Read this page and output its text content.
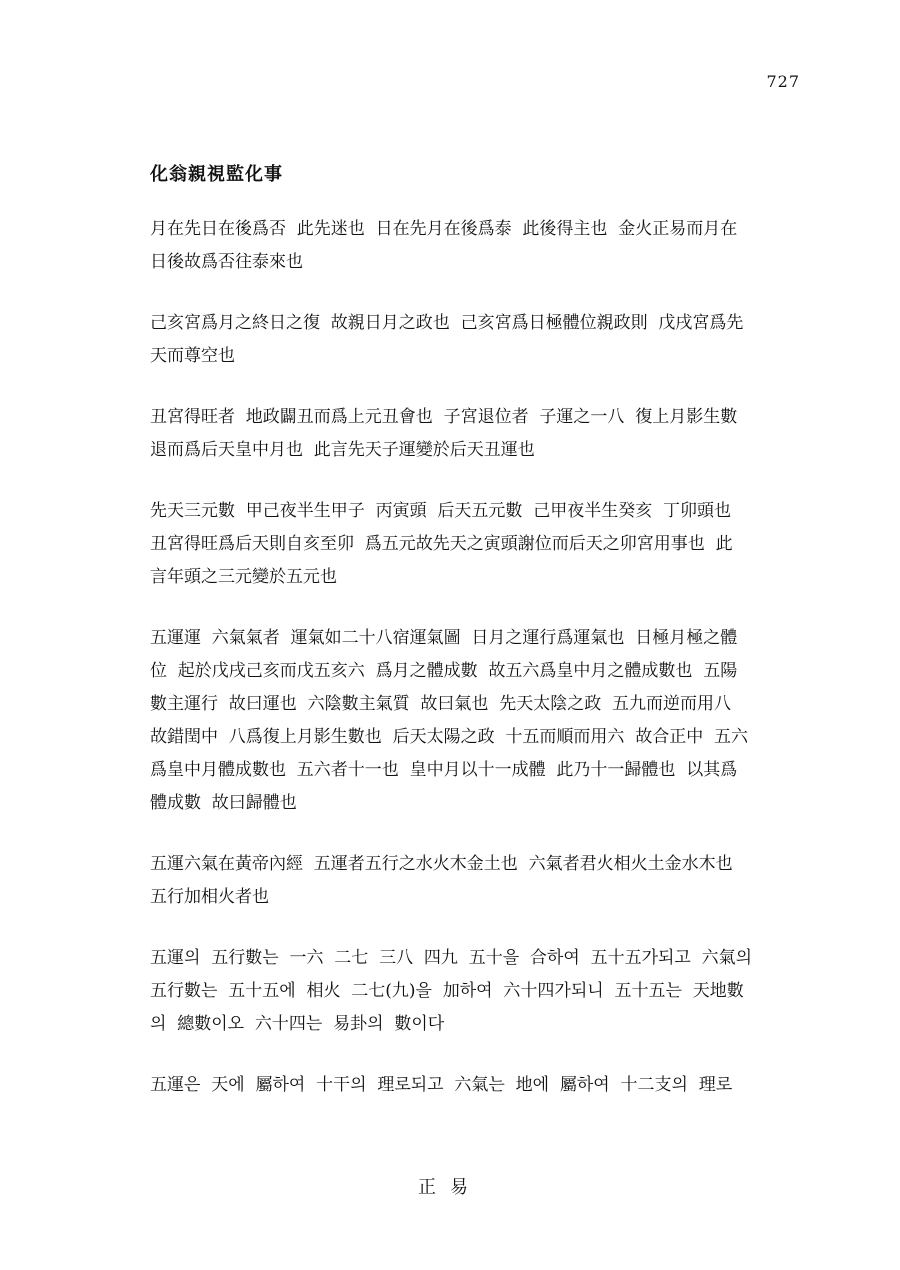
727
化翁親視監化事

月在先日在後爲否  此先迷也  日在先月在後爲泰  此後得主也  金火正易而月在
日後故爲否往泰來也

己亥宮爲月之終日之復  故親日月之政也  己亥宮爲日極體位親政則  戊戌宮爲先
天而尊空也

丑宮得旺者  地政闢丑而爲上元丑會也  子宮退位者  子運之一八  復上月影生數
退而爲后天皇中月也  此言先天子運變於后天丑運也

先天三元數  甲己夜半生甲子  丙寅頭  后天五元數  己甲夜半生癸亥  丁卯頭也
丑宮得旺爲后天則自亥至卯  爲五元故先天之寅頭謝位而后天之卯宮用事也  此
言年頭之三元變於五元也

五運運  六氣氣者  運氣如二十八宿運氣圖  日月之運行爲運氣也  日極月極之體
位  起於戊戌己亥而戊五亥六  爲月之體成數  故五六爲皇中月之體成數也  五陽
數主運行  故曰運也  六陰數主氣質  故曰氣也  先天太陰之政  五九而逆而用八
故錯閏中  八爲復上月影生數也  后天太陽之政  十五而順而用六  故合正中  五六
爲皇中月體成數也  五六者十一也  皇中月以十一成體  此乃十一歸體也  以其爲
體成數  故曰歸體也

五運六氣在黃帝內經  五運者五行之水火木金土也  六氣者君火相火土金水木也
五行加相火者也

五運의  五行數는  一六  二七  三八  四九  五十을  合하여  五十五가되고  六氣의
五行數는  五十五에  相火  二七(九)을  加하여  六十四가되니  五十五는  天地數
의  總數이오  六十四는  易卦의  數이다

五運은  天에  屬하여  十干의  理로되고  六氣는  地에  屬하여  十二支의  理로

正易
